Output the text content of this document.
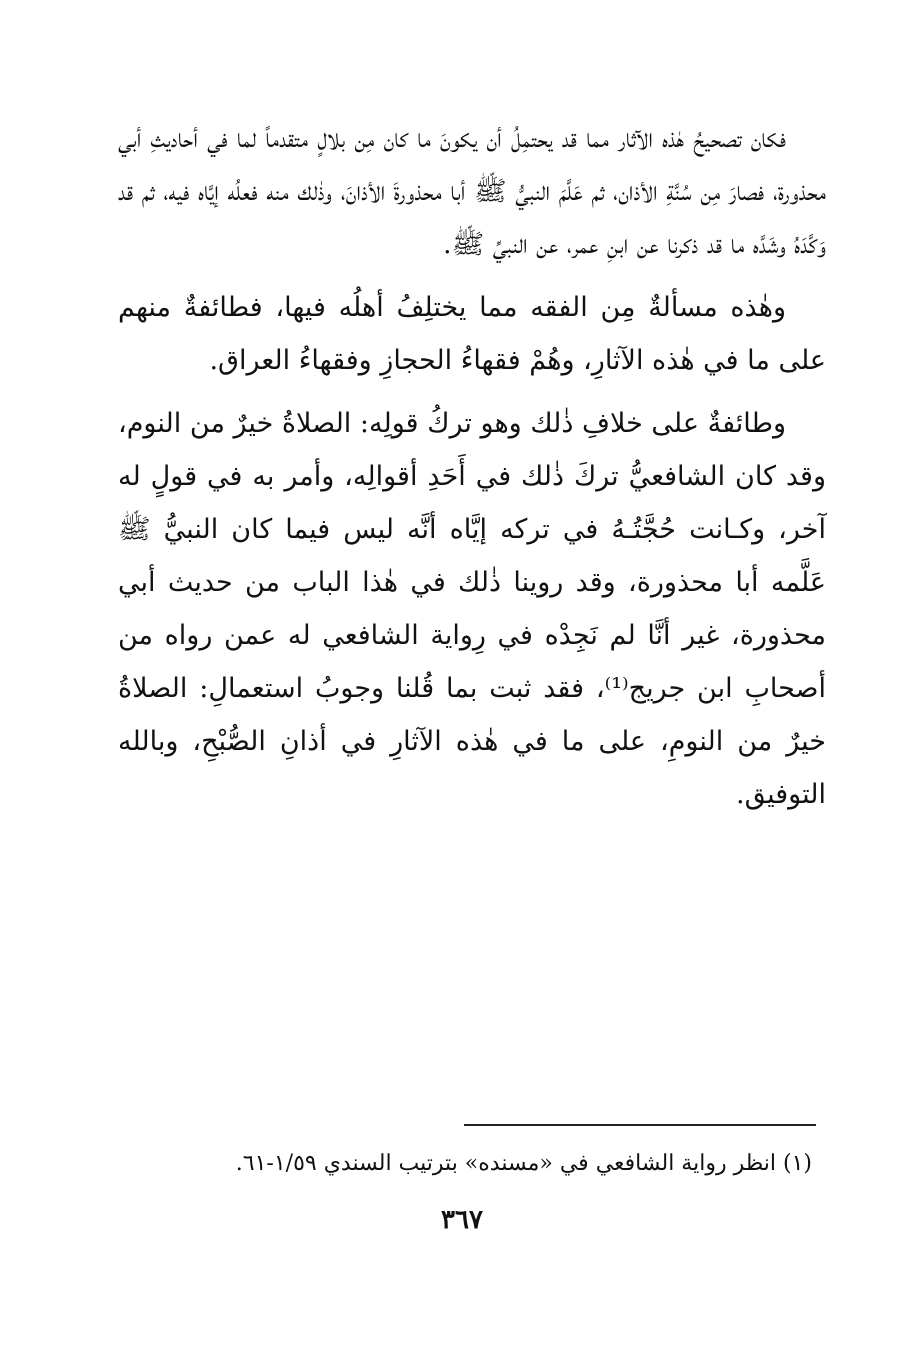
فكان تصحيحُ هٰذه الآثار مما قد يحتمِلُ أن يكونَ ما كان مِن بلالٍ متقدماً لما في أحاديثِ أبي محذورة، فصارَ مِن سُنَّةِ الأذان، ثم عَلَّمَ النبيُّ ﷺ أبا محذورةَ الأذانَ، وذٰلك منه فعلُه إيَّاه فيه، ثم قد وَكَّدَهُ وشَدَّه ما قد ذكرنا عن ابنِ عمر، عن النبيِّ ﷺ.

وهٰذه مسألةٌ مِن الفقه مما يختلِفُ أهلُه فيها، فطائفةٌ منهم على ما في هٰذه الآثارِ، وهُمْ فقهاءُ الحجازِ وفقهاءُ العراق.

وطائفةٌ على خلافِ ذٰلك وهو تركُ قولِه: الصلاةُ خيرٌ من النوم، وقد كان الشافعيُّ تركَ ذٰلك في أَحَدِ أقوالِه، وأمر به في قولٍ له آخر، وكـانت حُجَّتُـهُ في تركه إيَّاه أنَّه ليس فيما كان النبيُّ ﷺ عَلَّمه أبا محذورة، وقد روينا ذٰلك في هٰذا الباب من حديث أبي محذورة، غير أنَّا لم نَجِدْه في رِواية الشافعي له عمن رواه من أصحابِ ابن جريج⁽¹⁾، فقد ثبت بما قُلنا وجوبُ استعمالِ: الصلاةُ خيرٌ من النومِ، على ما في هٰذه الآثارِ في أذانِ الصُّبْحِ، وبالله التوفيق.

(١) انظر رواية الشافعي في «مسنده» بترتيب السندي ١/٥٩-٦١.
٣٦٧
